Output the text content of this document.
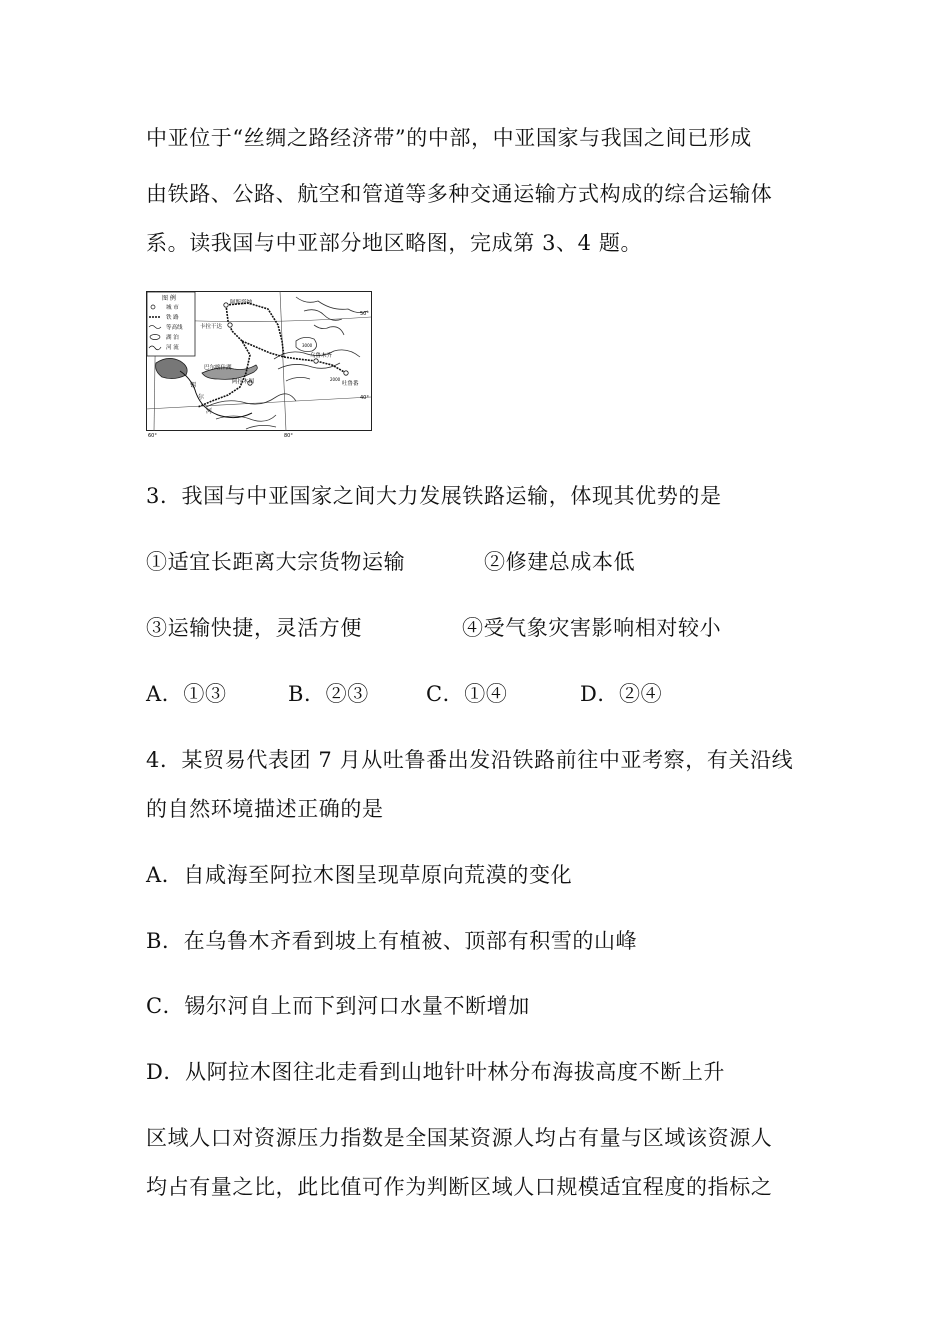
中亚位于“丝绸之路经济带”的中部，中亚国家与我国之间已形成
由铁路、公路、航空和管道等多种交通运输方式构成的综合运输体
系。读我国与中亚部分地区略图，完成第 3、4 题。
图 例
城 市
铁 路
等高线
湖 泊
河 流	3000
2000
阿斯塔纳
卡拉干达
乌鲁木齐
吐鲁番
阿拉木图
巴尔喀什湖
锡
尔
河
50°
40°
60°	80°
3．我国与中亚国家之间大力发展铁路运输，体现其优势的是
①适宜长距离大宗货物运输	②修建总成本低
③运输快捷，灵活方便	④受气象灾害影响相对较小
A．①③	B．②③	C．①④	D．②④
4．某贸易代表团 7 月从吐鲁番出发沿铁路前往中亚考察，有关沿线
的自然环境描述正确的是
A．自咸海至阿拉木图呈现草原向荒漠的变化
B．在乌鲁木齐看到坡上有植被、顶部有积雪的山峰
C．锡尔河自上而下到河口水量不断增加
D．从阿拉木图往北走看到山地针叶林分布海拔高度不断上升
区域人口对资源压力指数是全国某资源人均占有量与区域该资源人
均占有量之比，此比值可作为判断区域人口规模适宜程度的指标之
